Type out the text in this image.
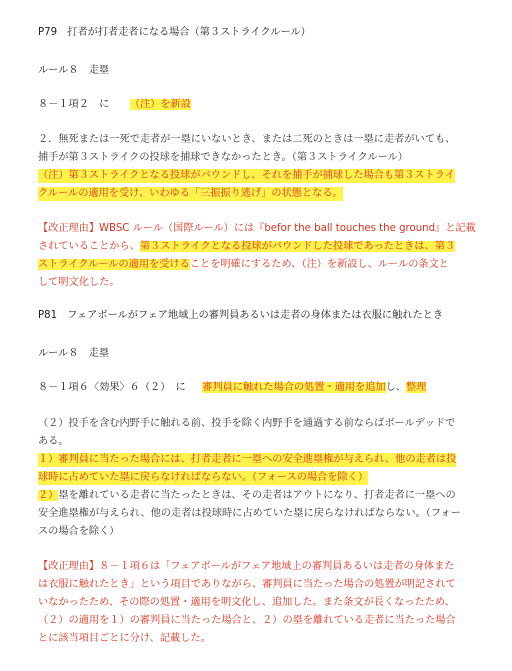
P79　打者が打者走者になる場合（第３ストライクルール）
ルール８　走塁
８－１項２　に （注）を新設
２．無死または一死で走者が一塁にいないとき、または二死のときは一塁に走者がいても、
捕手が第３ストライクの投球を捕球できなかったとき。（第３ストライクルール）
（注）第３ストライクとなる投球がバウンドし、それを捕手が捕球した場合も第３ストライ
クルールの適用を受け、いわゆる「三振振り逃げ」の状態となる。
【改正理由】WBSC ルール（国際ルール）には『befor the ball touches the ground』と記載
されていることから、第３ストライクとなる投球がバウンドした投球であったときは、第３
ストライクルールの適用を受けることを明確にするため、（注）を新設し、ルールの条文と
して明文化した。
P81　フェアボールがフェア地域上の審判員あるいは走者の身体または衣服に触れたとき
ルール８　走塁
８－１項６〈効果〉６（２）　に 審判員に触れた場合の処置・適用を追加し、整理
（２）投手を含む内野手に触れる前、投手を除く内野手を通過する前ならばボールデッドで
ある。
１）審判員に当たった場合には、打者走者に一塁への安全進塁権が与えられ、他の走者は投
球時に占めていた塁に戻らなければならない。（フォースの場合を除く）
２）塁を離れている走者に当たったときは、その走者はアウトになり、打者走者に一塁への
安全進塁権が与えられ、他の走者は投球時に占めていた塁に戻らなければならない。（フォー
スの場合を除く）
【改正理由】８－１項６は「フェアボールがフェア地域上の審判員あるいは走者の身体また
は衣服に触れたとき」という項目でありながら、審判員に当たった場合の処置が明記されて
いなかったため、その際の処置・適用を明文化し、追加した。また条文が長くなったため、
（２）の適用を１）の審判員に当たった場合と、２）の塁を離れている走者に当たった場合
とに該当項目ごとに分け、記載した。
